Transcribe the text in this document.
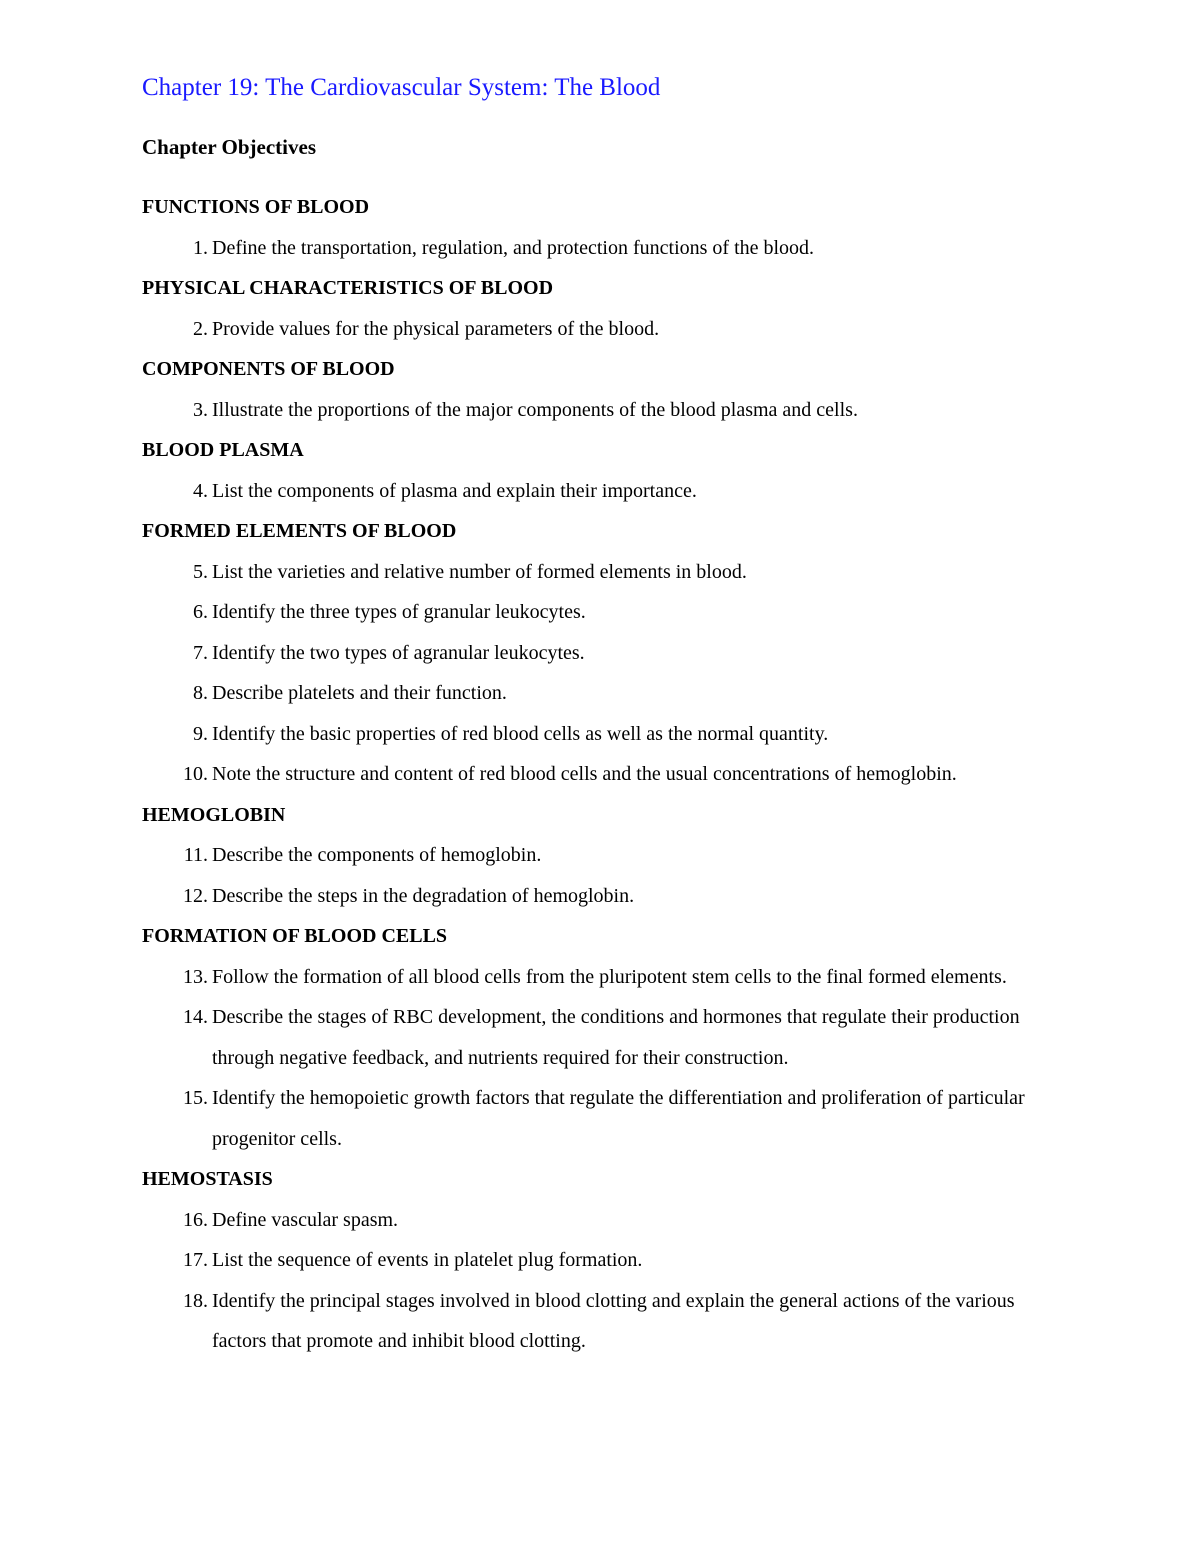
Chapter 19: The Cardiovascular System: The Blood
Chapter Objectives
FUNCTIONS OF BLOOD
1. Define the transportation, regulation, and protection functions of the blood.
PHYSICAL CHARACTERISTICS OF BLOOD
2. Provide values for the physical parameters of the blood.
COMPONENTS OF BLOOD
3. Illustrate the proportions of the major components of the blood plasma and cells.
BLOOD PLASMA
4. List the components of plasma and explain their importance.
FORMED ELEMENTS OF BLOOD
5. List the varieties and relative number of formed elements in blood.
6. Identify the three types of granular leukocytes.
7. Identify the two types of agranular leukocytes.
8. Describe platelets and their function.
9. Identify the basic properties of red blood cells as well as the normal quantity.
10. Note the structure and content of red blood cells and the usual concentrations of hemoglobin.
HEMOGLOBIN
11. Describe the components of hemoglobin.
12. Describe the steps in the degradation of hemoglobin.
FORMATION OF BLOOD CELLS
13. Follow the formation of all blood cells from the pluripotent stem cells to the final formed elements.
14. Describe the stages of RBC development, the conditions and hormones that regulate their production through negative feedback, and nutrients required for their construction.
15. Identify the hemopoietic growth factors that regulate the differentiation and proliferation of particular progenitor cells.
HEMOSTASIS
16. Define vascular spasm.
17. List the sequence of events in platelet plug formation.
18. Identify the principal stages involved in blood clotting and explain the general actions of the various factors that promote and inhibit blood clotting.
